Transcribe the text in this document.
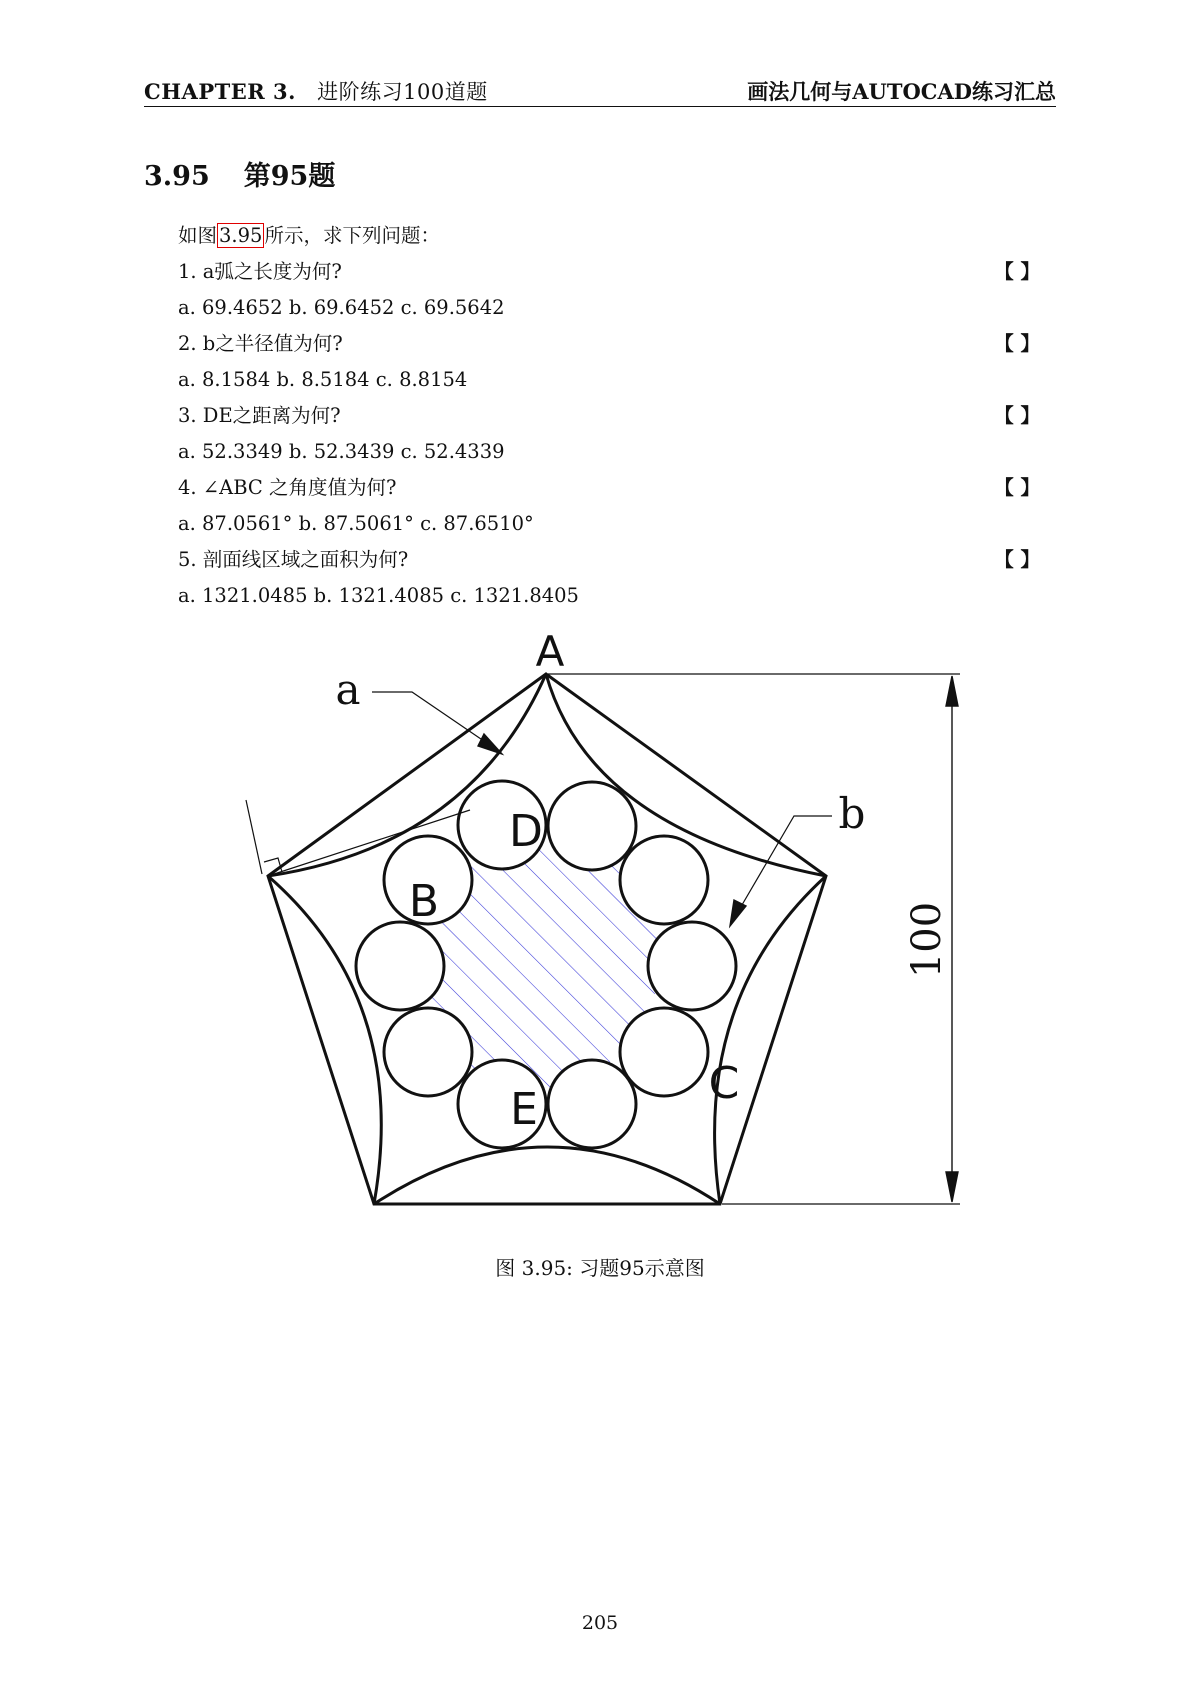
CHAPTER 3. 进阶练习100道题	画法几何与AUTOCAD练习汇总
3.95 第95题
如图 3.95 所示，求下列问题：
1. a弧之长度为何?	【 】
a. 69.4652 b. 69.6452 c. 69.5642
2. b之半径值为何?	【 】
a. 8.1584 b. 8.5184 c. 8.8154
3. DE之距离为何?	【 】
a. 52.3349 b. 52.3439 c. 52.4339
4. ∠ABC 之角度值为何?	【 】
a. 87.0561° b. 87.5061° c. 87.6510°
5. 剖面线区域之面积为何?	【 】
a. 1321.0485 b. 1321.4085 c. 1321.8405
A
B
C
D
E
a
b
100
图 3.95: 习题95示意图
205
